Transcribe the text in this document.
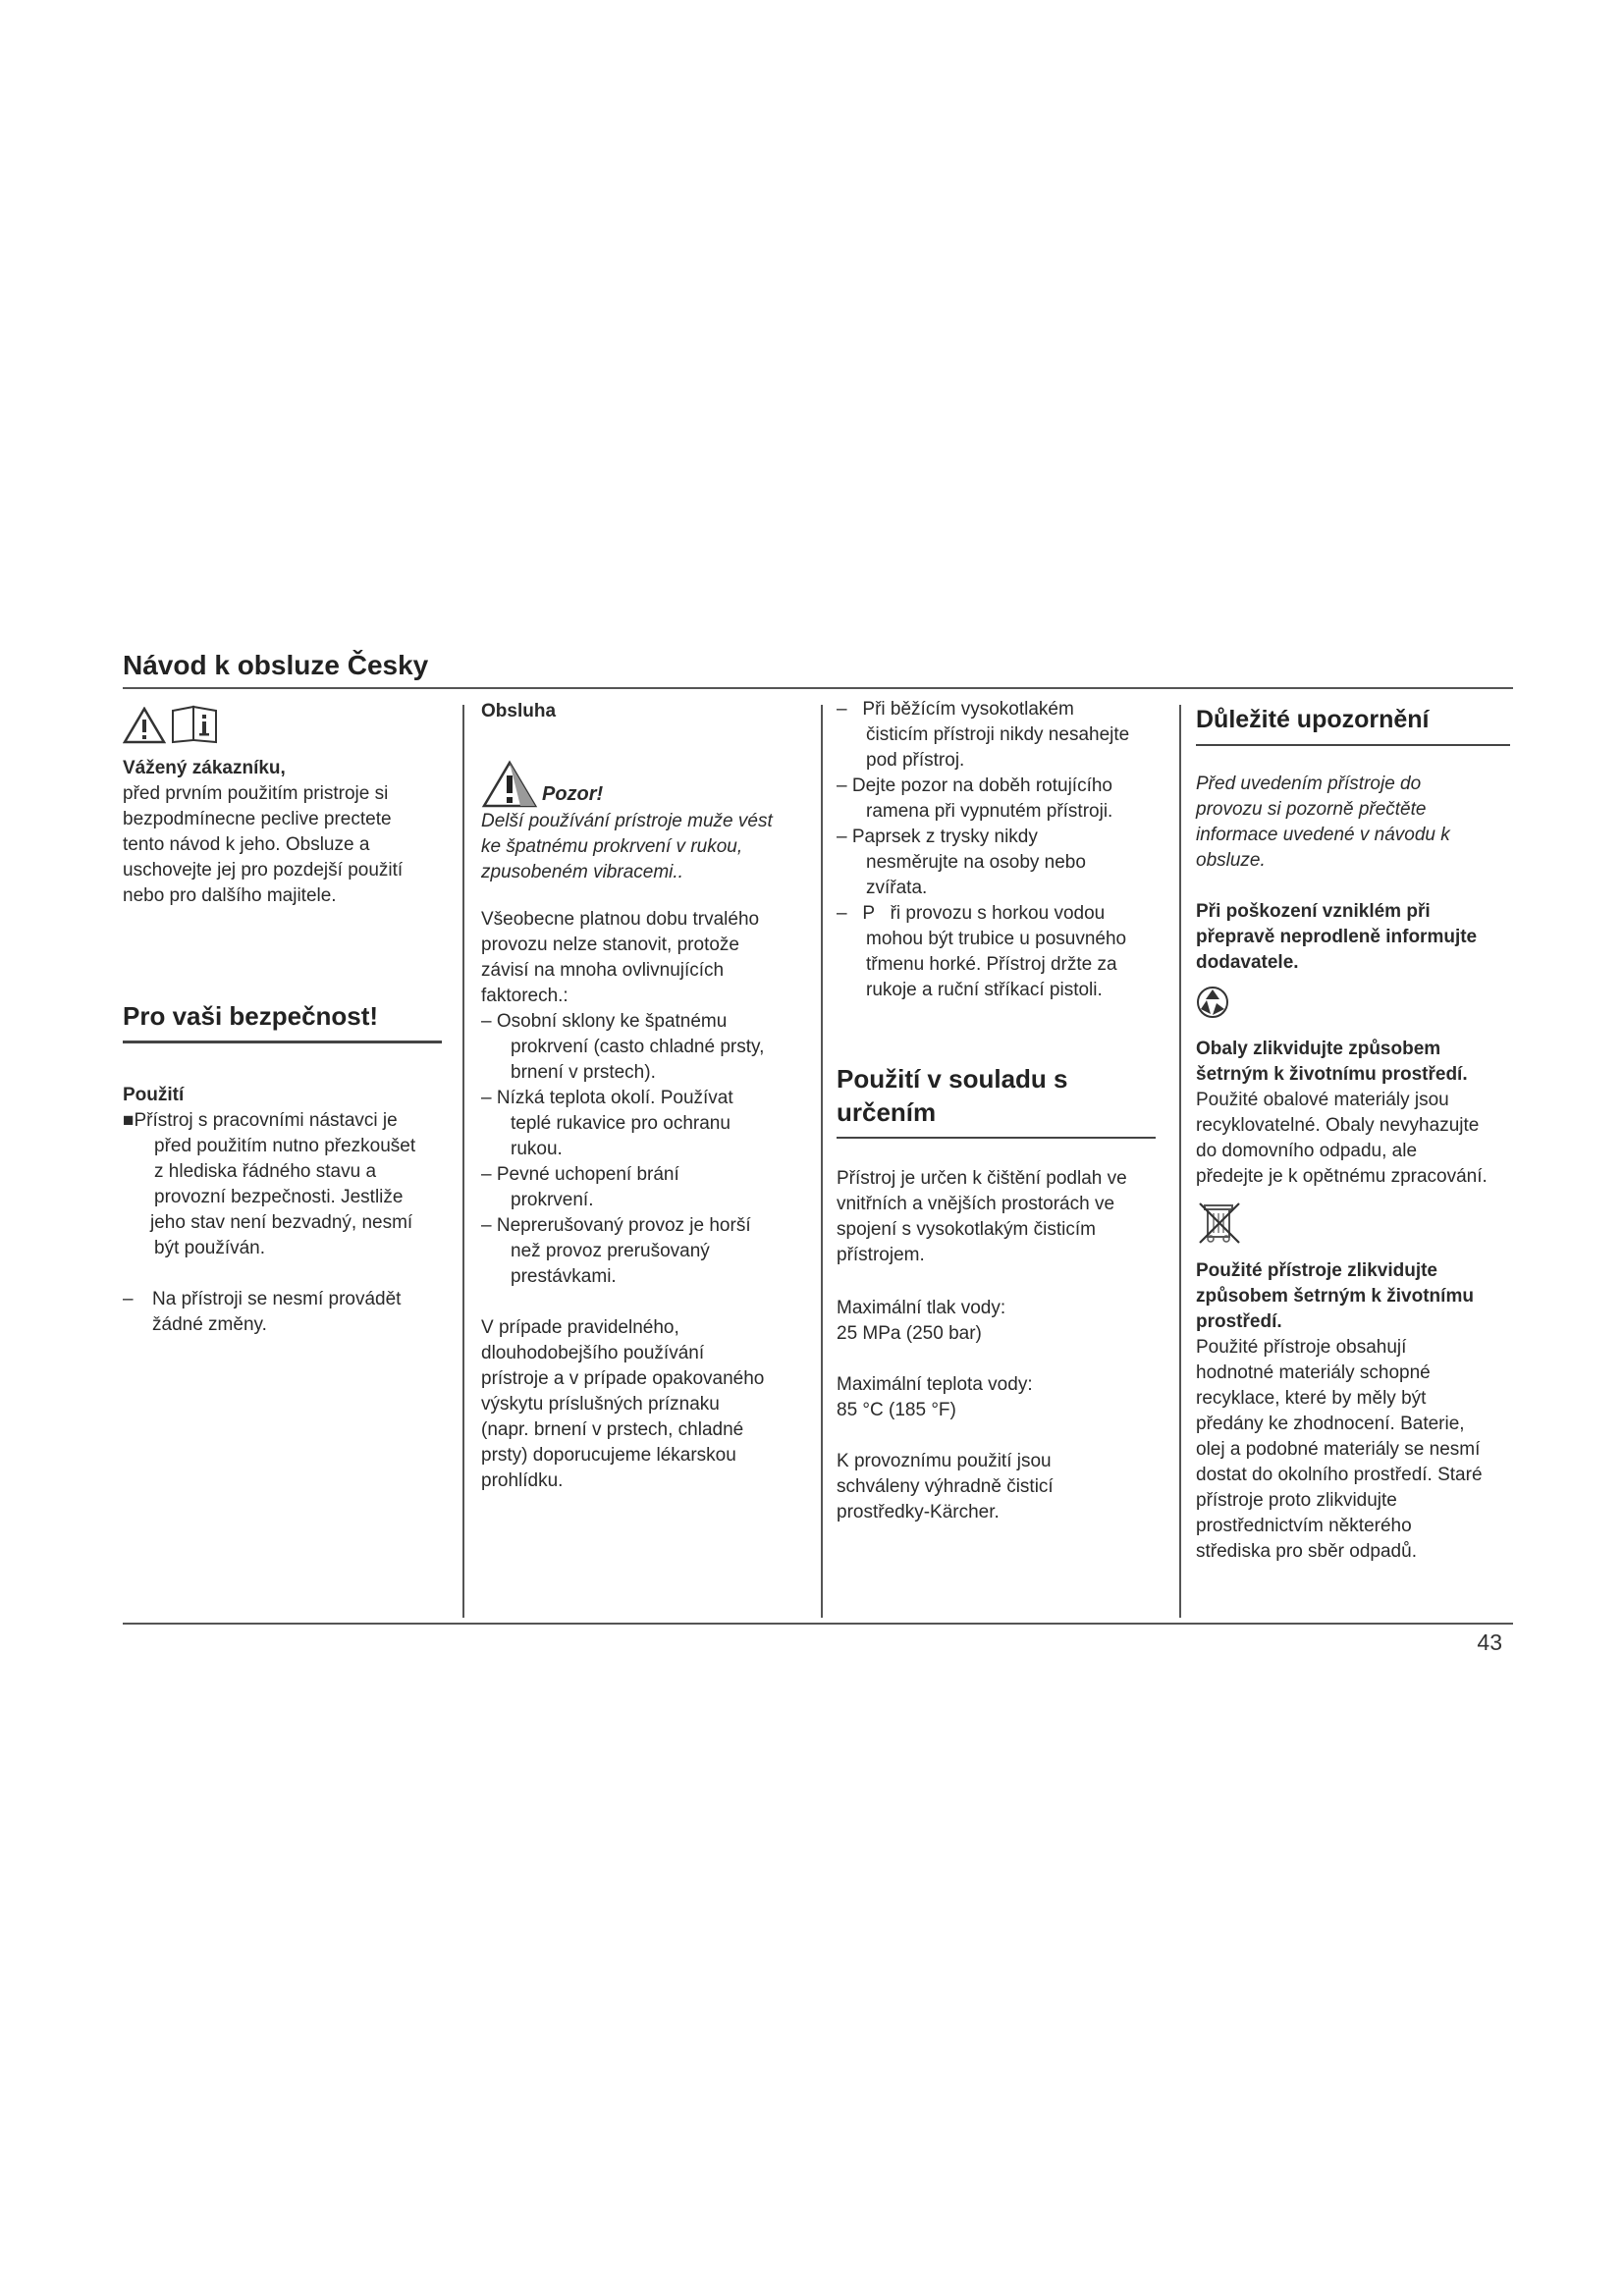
Návod k obsluze Česky

Vážený zákazníku,

před prvním použitím pristroje si

bezpodmínecne peclive prectete

tento návod k jeho. Obsluze a

uschovejte jej pro pozdejší použití

nebo pro dalšího majitele.

Pro vaši bezpečnost!

Použití

■Přístroj s pracovními nástavci je

před použitím nutno přezkoušet

z hlediska řádného stavu a

provozní bezpečnosti. Jestliže

jeho stav není bezvadný, nesmí

být používán.

– Na přístroji se nesmí provádět

žádné změny.

Obsluha

Pozor!

Delší používání prístroje muže vést

ke špatnému prokrvení v rukou,

zpusobeném vibracemi..

Všeobecne platnou dobu trvalého

provozu nelze stanovit, protože

závisí na mnoha ovlivnujících

faktorech.:

– Osobní sklony ke špatnému

prokrvení (casto chladné prsty,

brnení v prstech).

– Nízká teplota okolí. Používat

teplé rukavice pro ochranu

rukou.

– Pevné uchopení brání

prokrvení.

– Neprerušovaný provoz je horší

než provoz prerušovaný

prestávkami.

V prípade pravidelného,

dlouhodobejšího používání

prístroje a v prípade opakovaného

výskytu príslušných príznaku

(napr. brnení v prstech, chladné

prsty) doporucujeme lékarskou

prohlídku.

– Při běžícím vysokotlakém

čisticím přístroji nikdy nesahejte

pod přístroj.

– Dejte pozor na doběh rotujícího

ramena při vypnutém přístroji.

– Paprsek z trysky nikdy

nesměrujte na osoby nebo

zvířata.

– P   ři provozu s horkou vodou

mohou být trubice u posuvného

třmenu horké. Přístroj držte za

rukoje a ruční stříkací pistoli.

Použití v souladu s
určením

Přístroj je určen k čištění podlah ve

vnitřních a vnějších prostorách ve

spojení s vysokotlakým čisticím

přístrojem.

Maximální tlak vody:

25 MPa (250 bar)

Maximální teplota vody:

85 °C (185 °F)

K provoznímu použití jsou

schváleny výhradně čisticí

prostředky-Kärcher.

Důležité upozornění

Před uvedením přístroje do

provozu si pozorně přečtěte

informace uvedené v návodu k

obsluze.

Při poškození vzniklém při

přepravě neprodleně informujte

dodavatele.

Obaly zlikvidujte způsobem

šetrným k životnímu prostředí.

Použité obalové materiály jsou

recyklovatelné. Obaly nevyhazujte

do domovního odpadu, ale

předejte je k opětnému zpracování.

Použité přístroje zlikvidujte

způsobem šetrným k životnímu

prostředí.

Použité přístroje obsahují

hodnotné materiály schopné

recyklace, které by měly být

předány ke zhodnocení. Baterie,

olej a podobné materiály se nesmí

dostat do okolního prostředí. Staré

přístroje proto zlikvidujte

prostřednictvím některého

střediska pro sběr odpadů.

43
